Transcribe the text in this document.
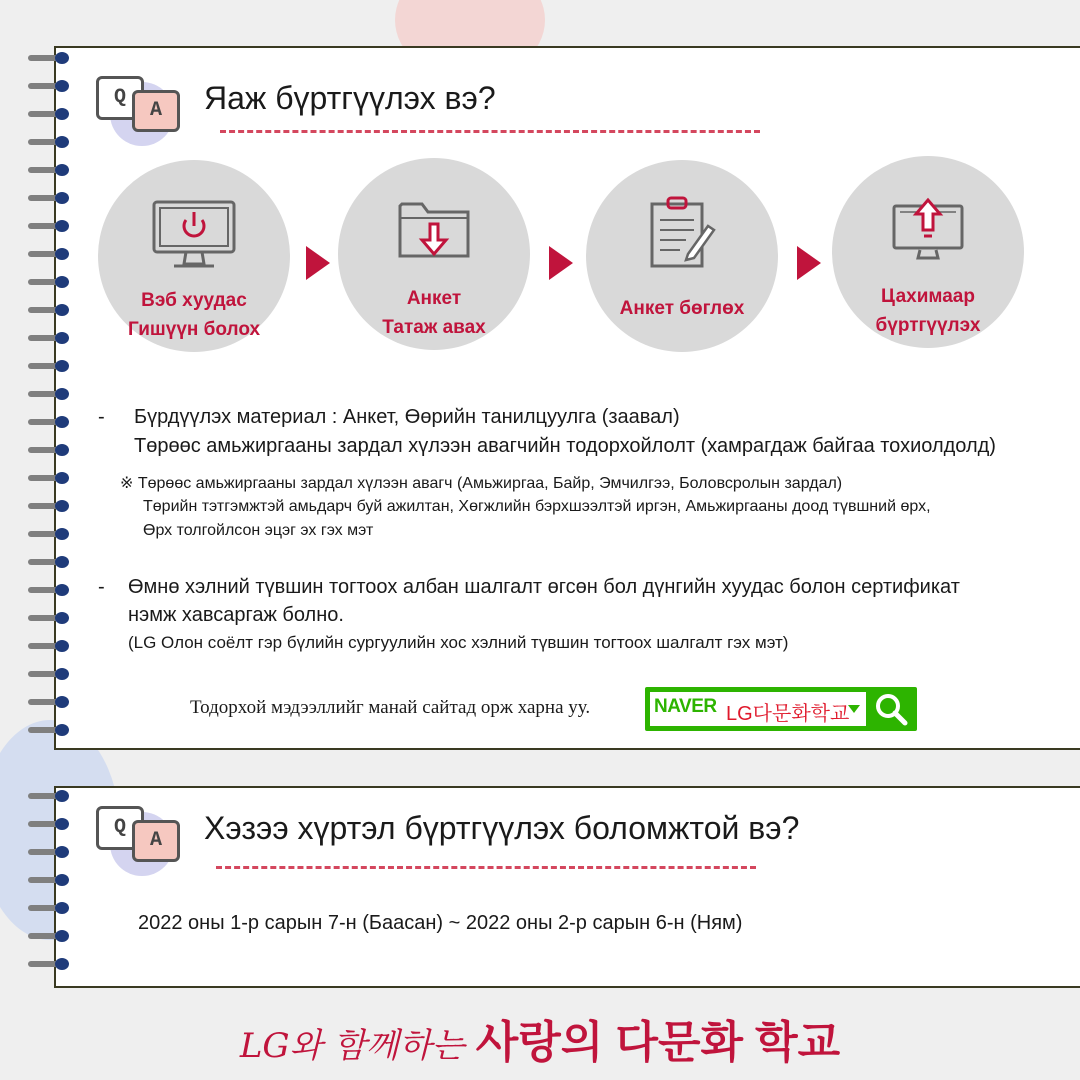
Q
A	Яаж бүртгүүлэх вэ?
Вэб хуудас
Гишүүн болох
Анкет
Татаж авах
Анкет бөглөх
Цахимаар
бүртгүүлэх
- Бүрдүүлэх материал : Анкет, Өөрийн танилцуулга (заавал)
Төрөөс амьжиргааны зардал хүлээн авагчийн тодорхойлолт (хамрагдаж байгаа тохиолдолд)
※ Төрөөс амьжиргааны зардал хүлээн авагч (Амьжиргаа, Байр, Эмчилгээ, Боловсролын зардал)
Төрийн тэтгэмжтэй амьдарч буй ажилтан, Хөгжлийн бэрхшээлтэй иргэн, Амьжиргааны доод түвшний өрх,
Өрх толгойлсон эцэг эх гэх мэт
- Өмнө хэлний түвшин тогтоох албан шалгалт өгсөн бол дүнгийн хуудас болон сертификат
нэмж хавсаргаж болно.
(LG Олон соёлт гэр бүлийн сургуулийн хос хэлний түвшин тогтоох шалгалт гэх мэт)
Тодорхой мэдээллийг манай сайтад орж харна уу.	NAVER LG다문화학교
Q
A	Хэзээ хүртэл бүртгүүлэх боломжтой вэ?
2022 оны 1-р сарын 7-н (Баасан) ~ 2022 оны 2-р сарын 6-н (Ням)
LG와 함께하는 사랑의 다문화 학교
